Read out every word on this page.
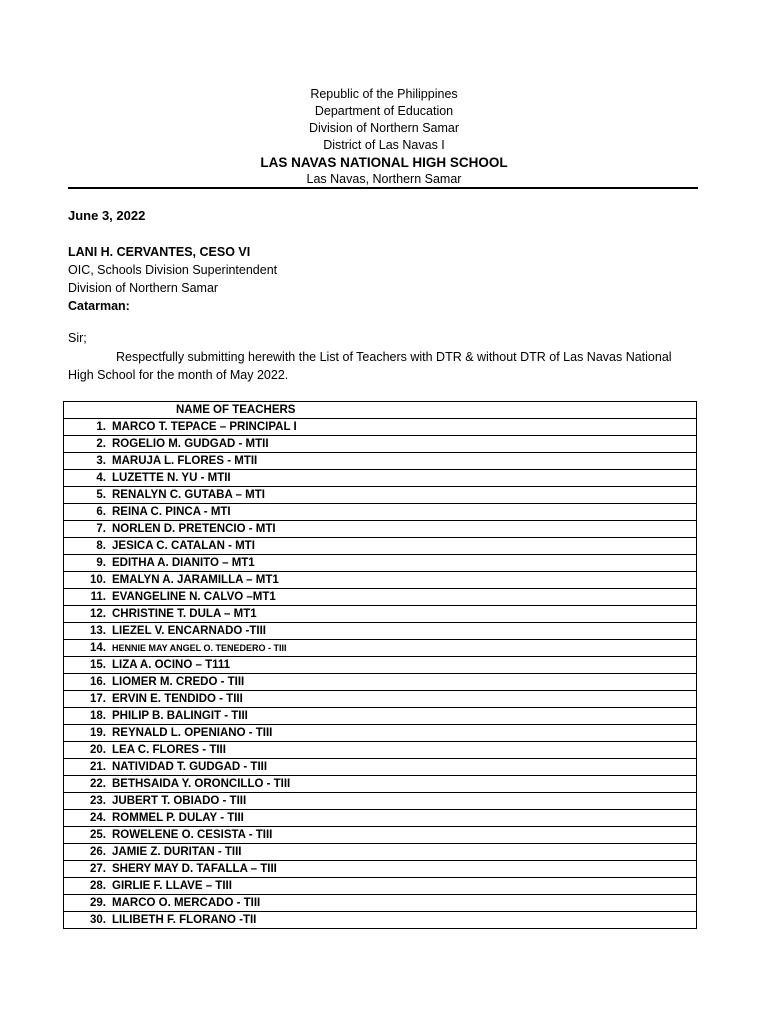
Republic of the Philippines
Department of Education
Division of Northern Samar
District of Las Navas I
LAS NAVAS NATIONAL HIGH SCHOOL
Las Navas, Northern Samar
June 3, 2022
LANI H. CERVANTES, CESO VI
OIC, Schools Division Superintendent
Division of Northern Samar
Catarman:
Sir;
Respectfully submitting herewith the List of Teachers with DTR & without DTR of Las Navas National High School for the month of May 2022.
NAME OF TEACHERS
1. MARCO T. TEPACE – PRINCIPAL I
2. ROGELIO M. GUDGAD - MTII
3. MARUJA L. FLORES - MTII
4. LUZETTE N. YU - MTII
5. RENALYN C. GUTABA – MTI
6. REINA C. PINCA - MTI
7. NORLEN D. PRETENCIO - MTI
8. JESICA C. CATALAN - MTI
9. EDITHA A. DIANITO – MT1
10. EMALYN A. JARAMILLA – MT1
11. EVANGELINE N. CALVO –MT1
12. CHRISTINE T. DULA – MT1
13. LIEZEL V. ENCARNADO -TIII
14. HENNIE MAY ANGEL O. TENEDERO - TIII
15. LIZA A. OCINO – T111
16. LIOMER M. CREDO - TIII
17. ERVIN E. TENDIDO - TIII
18. PHILIP B. BALINGIT - TIII
19. REYNALD L. OPENIANO - TIII
20. LEA C. FLORES - TIII
21. NATIVIDAD T. GUDGAD - TIII
22. BETHSAIDA Y. ORONCILLO - TIII
23. JUBERT T. OBIADO - TIII
24. ROMMEL P. DULAY - TIII
25. ROWELENE O. CESISTA - TIII
26. JAMIE Z. DURITAN - TIII
27. SHERY MAY D. TAFALLA – TIII
28. GIRLIE F. LLAVE – TIII
29. MARCO O. MERCADO - TIII
30. LILIBETH F. FLORANO -TII
